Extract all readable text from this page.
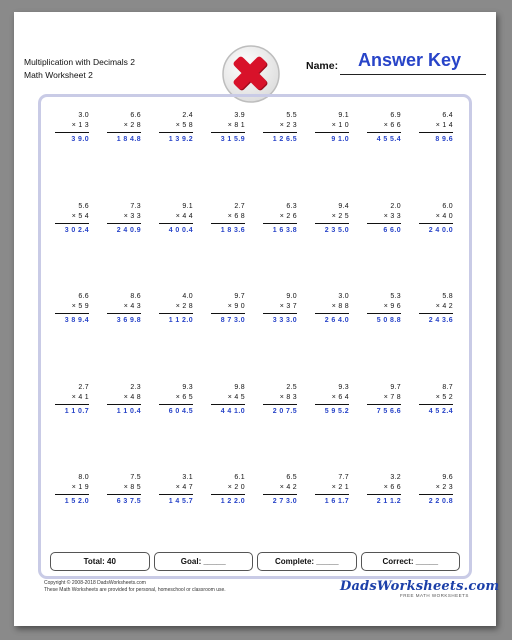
Multiplication with Decimals 2
Math Worksheet 2
Name: Answer Key
3.0
× 1 3
3 9.0
6.6
× 2 8
1 8 4.8
2.4
× 5 8
1 3 9.2
3.9
× 8 1
3 1 5.9
5.5
× 2 3
1 2 6.5
9.1
× 1 0
9 1.0
6.9
× 6 6
4 5 5.4
6.4
× 1 4
8 9.6
5.6
× 5 4
3 0 2.4
7.3
× 3 3
2 4 0.9
9.1
× 4 4
4 0 0.4
2.7
× 6 8
1 8 3.6
6.3
× 2 6
1 6 3.8
9.4
× 2 5
2 3 5.0
2.0
× 3 3
6 6.0
6.0
× 4 0
2 4 0.0
6.6
× 5 9
3 8 9.4
8.6
× 4 3
3 6 9.8
4.0
× 2 8
1 1 2.0
9.7
× 9 0
8 7 3.0
9.0
× 3 7
3 3 3.0
3.0
× 8 8
2 6 4.0
5.3
× 9 6
5 0 8.8
5.8
× 4 2
2 4 3.6
2.7
× 4 1
1 1 0.7
2.3
× 4 8
1 1 0.4
9.3
× 6 5
6 0 4.5
9.8
× 4 5
4 4 1.0
2.5
× 8 3
2 0 7.5
9.3
× 6 4
5 9 5.2
9.7
× 7 8
7 5 6.6
8.7
× 5 2
4 5 2.4
8.0
× 1 9
1 5 2.0
7.5
× 8 5
6 3 7.5
3.1
× 4 7
1 4 5.7
6.1
× 2 0
1 2 2.0
6.5
× 4 2
2 7 3.0
7.7
× 2 1
1 6 1.7
3.2
× 6 6
2 1 1.2
9.6
× 2 3
2 2 0.8
Total: 40	Goal: _____	Complete: _____	Correct: _____
Copyright © 2008-2018 DadsWorksheets.com
These Math Worksheets are provided for personal, homeschool or classroom use.	DadsWorksheets.com
FREE MATH WORKSHEETS
